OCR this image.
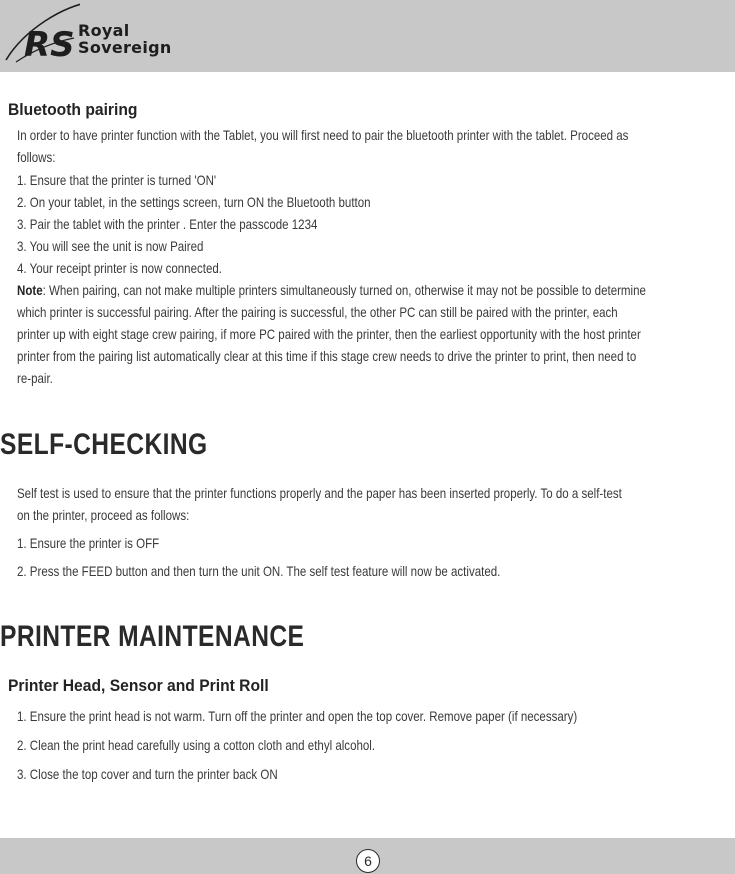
RS Royal
Sovereign
Bluetooth pairing
In order to have printer function with the Tablet, you will first need to pair the bluetooth printer with the tablet. Proceed as
follows:
1. Ensure that the printer is turned 'ON'
2. On your tablet, in the settings screen, turn ON the Bluetooth button
3. Pair the tablet with the printer . Enter the passcode 1234
3. You will see the unit is now Paired
4. Your receipt printer is now connected.
Note: When pairing, can not make multiple printers simultaneously turned on, otherwise it may not be possible to determine
which printer is successful pairing. After the pairing is successful, the other PC can still be paired with the printer, each
printer up with eight stage crew pairing, if more PC paired with the printer, then the earliest opportunity with the host printer
printer from the pairing list automatically clear at this time if this stage crew needs to drive the printer to print, then need to
re-pair.
SELF-CHECKING
Self test is used to ensure that the printer functions properly and the paper has been inserted properly. To do a self-test
on the printer, proceed as follows:
1. Ensure the printer is OFF
2. Press the FEED button and then turn the unit ON. The self test feature will now be activated.
PRINTER MAINTENANCE
Printer Head, Sensor and Print Roll
1. Ensure the print head is not warm. Turn off the printer and open the top cover. Remove paper (if necessary)
2. Clean the print head carefully using a cotton cloth and ethyl alcohol.
3. Close the top cover and turn the printer back ON
6
